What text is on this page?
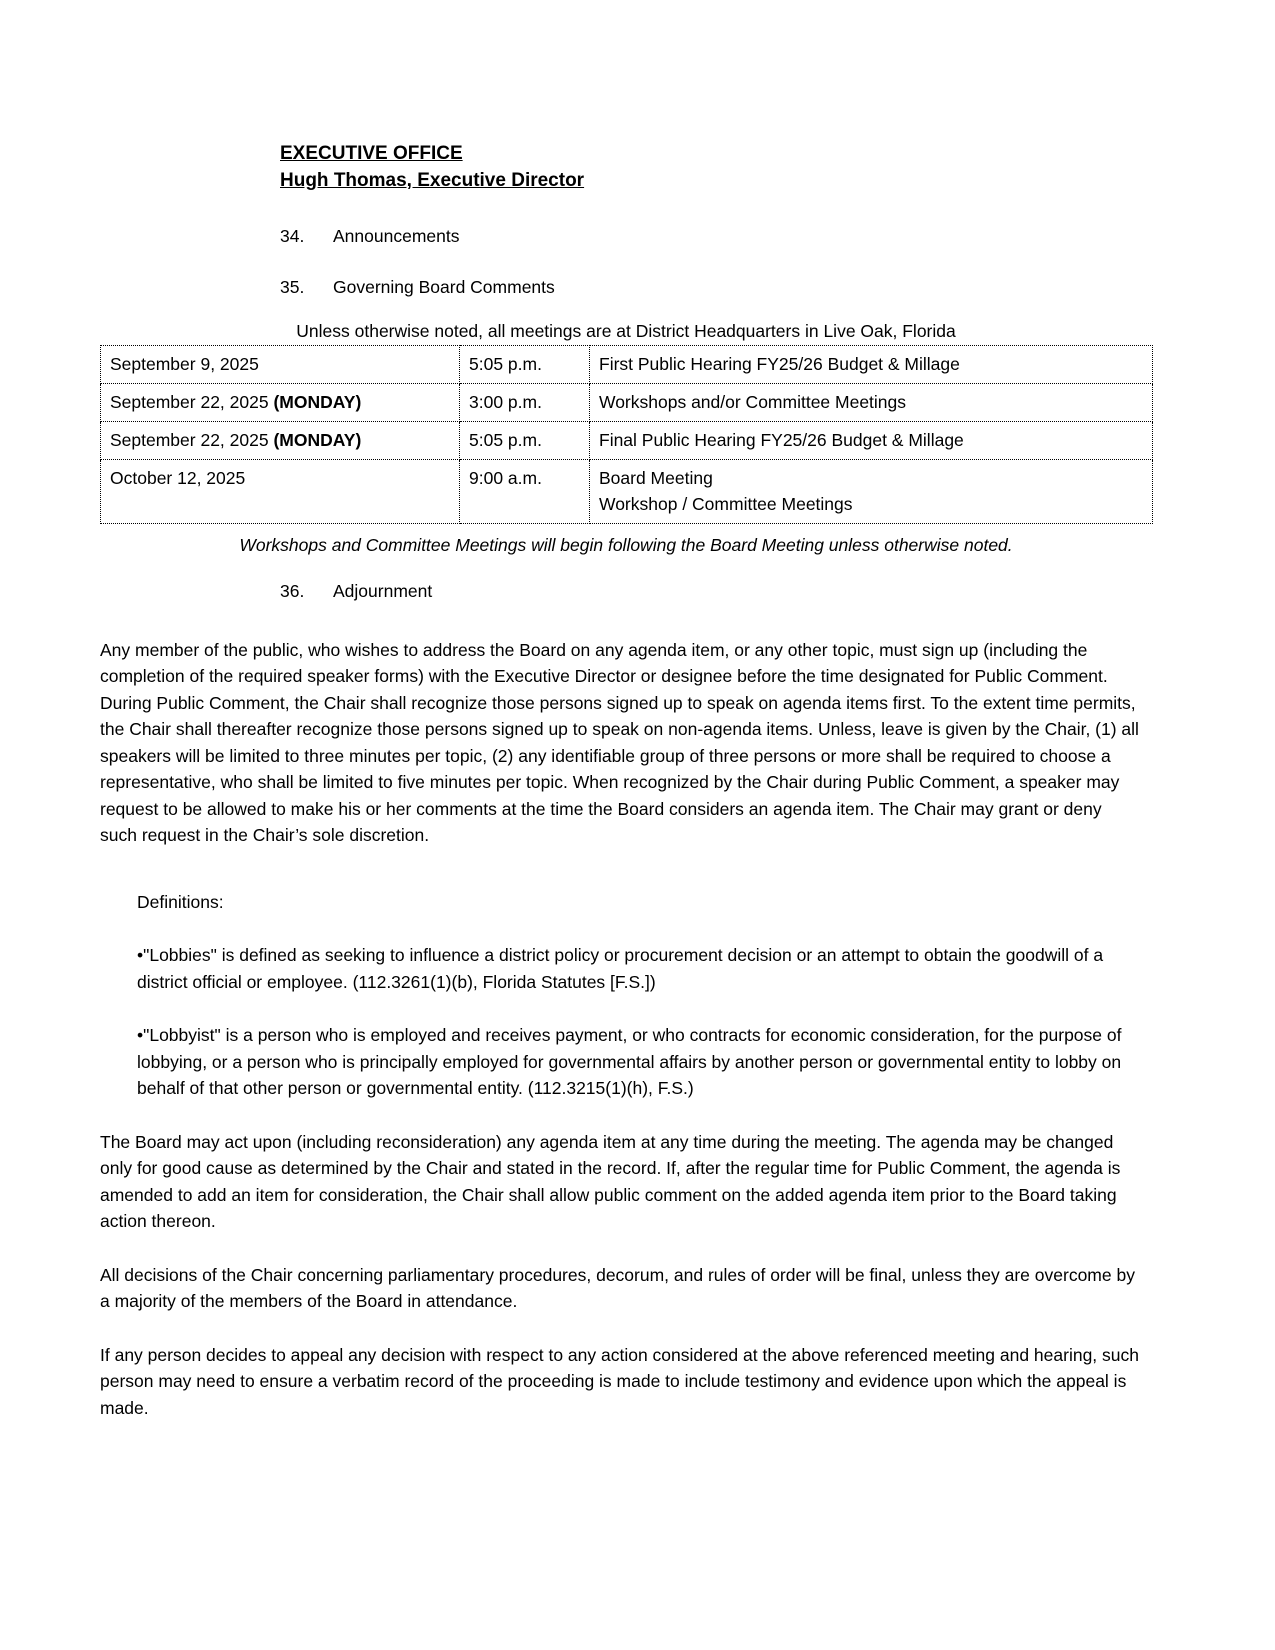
EXECUTIVE OFFICE
Hugh Thomas, Executive Director
34.	Announcements
35.	Governing Board Comments
Unless otherwise noted, all meetings are at District Headquarters in Live Oak, Florida
September 9, 2025	5:05 p.m.	First Public Hearing FY25/26 Budget & Millage
September 22, 2025 (MONDAY)	3:00 p.m.	Workshops and/or Committee Meetings
September 22, 2025 (MONDAY)	5:05 p.m.	Final Public Hearing FY25/26 Budget & Millage
October 12, 2025	9:00 a.m.	Board Meeting
Workshop / Committee Meetings
Workshops and Committee Meetings will begin following the Board Meeting unless otherwise noted.
36.	Adjournment
Any member of the public, who wishes to address the Board on any agenda item, or any other topic, must sign up (including the completion of the required speaker forms) with the Executive Director or designee before the time designated for Public Comment. During Public Comment, the Chair shall recognize those persons signed up to speak on agenda items first. To the extent time permits, the Chair shall thereafter recognize those persons signed up to speak on non-agenda items. Unless, leave is given by the Chair, (1) all speakers will be limited to three minutes per topic, (2) any identifiable group of three persons or more shall be required to choose a representative, who shall be limited to five minutes per topic. When recognized by the Chair during Public Comment, a speaker may request to be allowed to make his or her comments at the time the Board considers an agenda item. The Chair may grant or deny such request in the Chair’s sole discretion.
Definitions:
•"Lobbies" is defined as seeking to influence a district policy or procurement decision or an attempt to obtain the goodwill of a district official or employee. (112.3261(1)(b), Florida Statutes [F.S.])
•"Lobbyist" is a person who is employed and receives payment, or who contracts for economic consideration, for the purpose of lobbying, or a person who is principally employed for governmental affairs by another person or governmental entity to lobby on behalf of that other person or governmental entity. (112.3215(1)(h), F.S.)
The Board may act upon (including reconsideration) any agenda item at any time during the meeting. The agenda may be changed only for good cause as determined by the Chair and stated in the record. If, after the regular time for Public Comment, the agenda is amended to add an item for consideration, the Chair shall allow public comment on the added agenda item prior to the Board taking action thereon.
All decisions of the Chair concerning parliamentary procedures, decorum, and rules of order will be final, unless they are overcome by a majority of the members of the Board in attendance.
If any person decides to appeal any decision with respect to any action considered at the above referenced meeting and hearing, such person may need to ensure a verbatim record of the proceeding is made to include testimony and evidence upon which the appeal is made.
